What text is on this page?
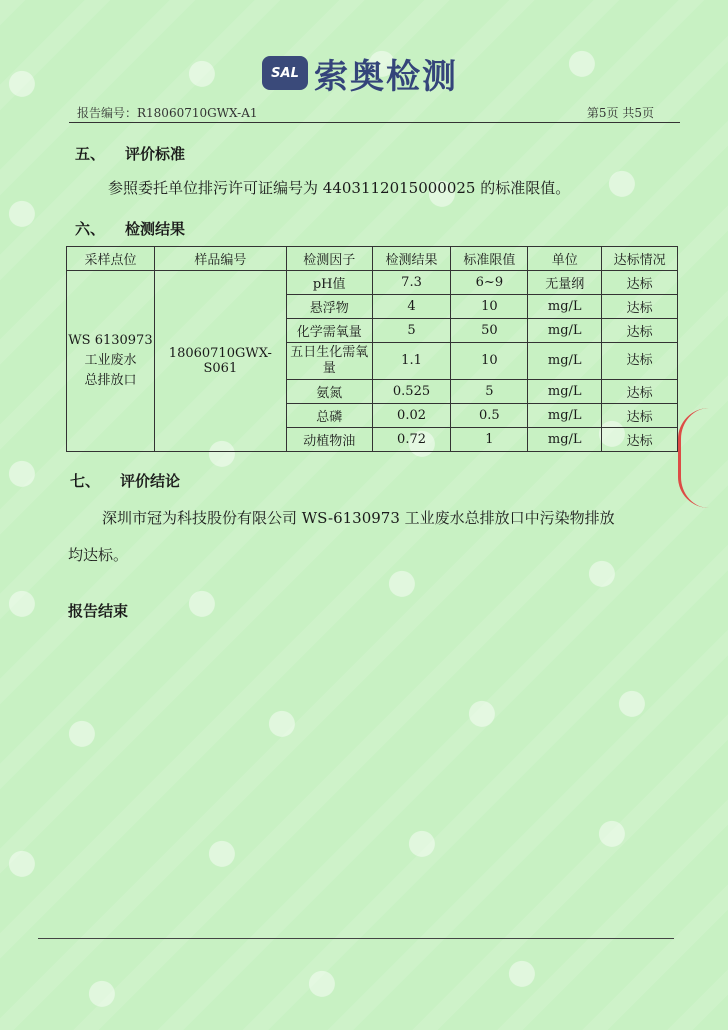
SAL 索奥检测
报告编号：R18060710GWX-A1	第5页 共5页
五、 评价标准
参照委托单位排污许可证编号为 4403112015000025 的标准限值。
六、 检测结果
采样点位	样品编号	检测因子	检测结果	标准限值	单位	达标情况

WS 6130973
工业废水
总排放口	18060710GWX-S061	pH值	7.3	6~9	无量纲	达标
		悬浮物	4	10	mg/L	达标
		化学需氧量	5	50	mg/L	达标
		五日生化需氧量	1.1	10	mg/L	达标
		氨氮	0.525	5	mg/L	达标
		总磷	0.02	0.5	mg/L	达标
		动植物油	0.72	1	mg/L	达标
七、 评价结论
深圳市冠为科技股份有限公司 WS-6130973 工业废水总排放口中污染物排放
均达标。
报告结束
